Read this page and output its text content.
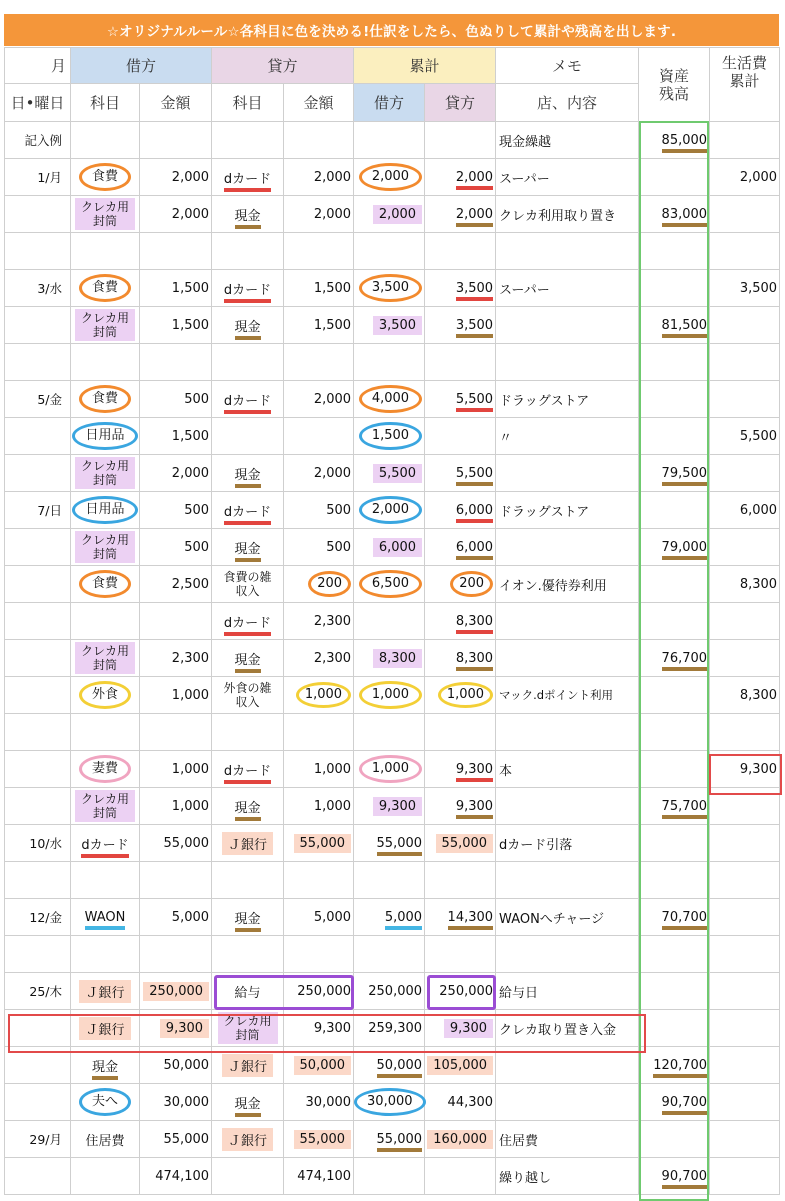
☆オリジナルルール☆各科目に色を決める!仕訳をしたら、色ぬりして累計や残高を出します.
月	借方		貸方		累計		メモ	資産
残高	生活費
累計
日•曜日	科目	金額	科目	金額	借方	貸方	店、内容		
記入例							現金繰越	85,000	
1/月	食費	2,000	dカード	2,000	2,000	2,000	スーパー		2,000
	クレカ用
封筒	2,000	現金	2,000	2,000	2,000	クレカ利用取り置き	83,000	

3/水	食費	1,500	dカード	1,500	3,500	3,500	スーパー		3,500
	クレカ用
封筒	1,500	現金	1,500	3,500	3,500		81,500	

5/金	食費	500	dカード	2,000	4,000	5,500	ドラッグストア		
	日用品	1,500			1,500		〃		5,500
	クレカ用
封筒	2,000	現金	2,000	5,500	5,500		79,500	
7/日	日用品	500	dカード	500	2,000	6,000	ドラッグストア		6,000
	クレカ用
封筒	500	現金	500	6,000	6,000		79,000	
	食費	2,500	食費の雑
収入	200	6,500	200	イオン.優待券利用		8,300
			dカード	2,300		8,300			
	クレカ用
封筒	2,300	現金	2,300	8,300	8,300		76,700	
	外食	1,000	外食の雑
収入	1,000	1,000	1,000	マック.dポイント利用		8,300

	妻費	1,000	dカード	1,000	1,000	9,300	本		9,300
	クレカ用
封筒	1,000	現金	1,000	9,300	9,300		75,700	
10/水	dカード	55,000	Ｊ銀行	55,000	55,000	55,000	dカード引落		

12/金	WAON	5,000	現金	5,000	5,000	14,300	WAONへチャージ	70,700	

25/木	Ｊ銀行	250,000	給与	250,000	250,000	250,000	給与日		
	Ｊ銀行	9,300	クレカ用
封筒	9,300	259,300	9,300	クレカ取り置き入金		
	現金	50,000	Ｊ銀行	50,000	50,000	105,000		120,700	
	夫へ	30,000	現金	30,000	30,000	44,300		90,700	
29/月	住居費	55,000	Ｊ銀行	55,000	55,000	160,000	住居費		
		474,100		474,100			繰り越し	90,700	
